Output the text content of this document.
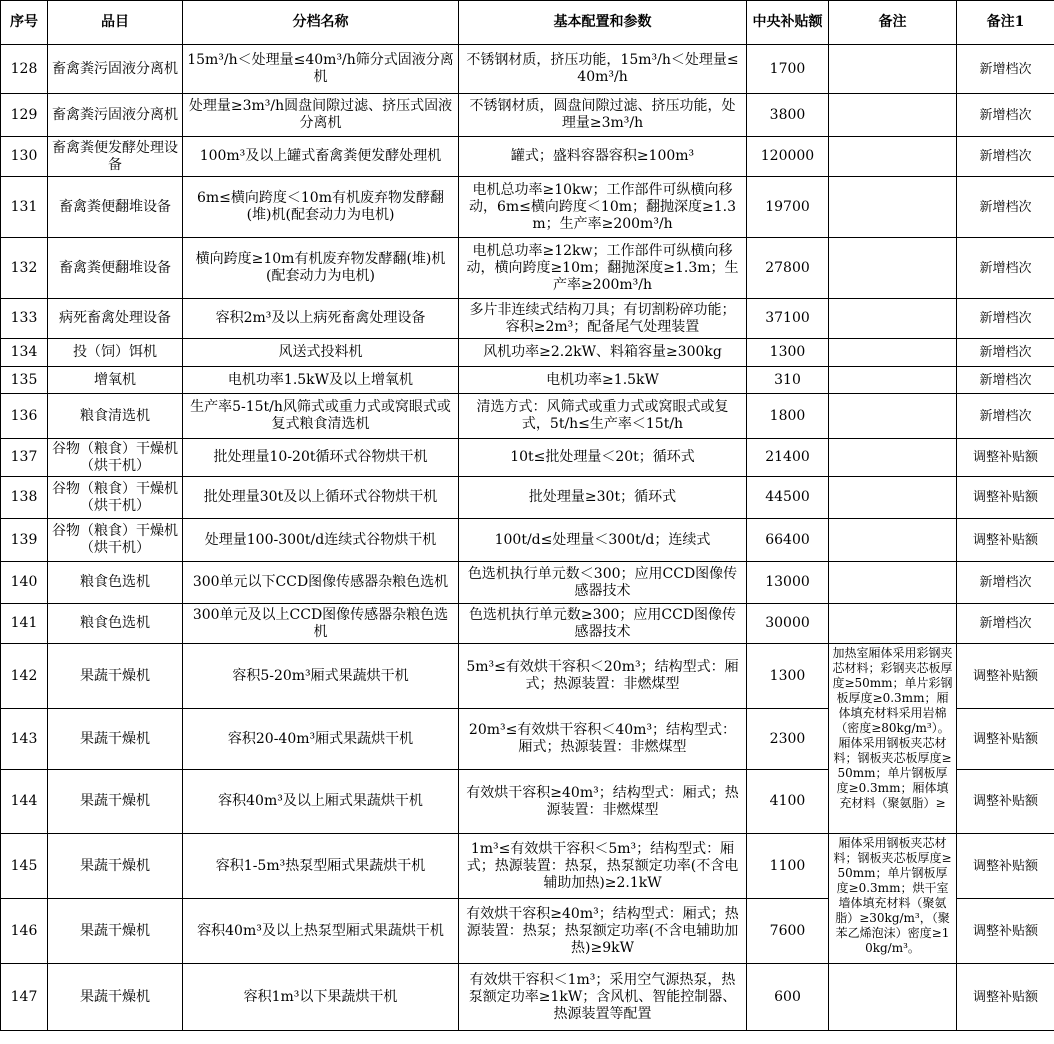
序号	品目	分档名称	基本配置和参数	中央补贴额	备注	备注1
128	畜禽粪污固液分离机	15m³/h＜处理量≤40m³/h筛分式固液分离机	不锈钢材质，挤压功能，15m³/h＜处理量≤40m³/h	1700		新增档次
129	畜禽粪污固液分离机	处理量≥3m³/h圆盘间隙过滤、挤压式固液分离机	不锈钢材质，圆盘间隙过滤、挤压功能，处理量≥3m³/h	3800		新增档次
130	畜禽粪便发酵处理设备	100m³及以上罐式畜禽粪便发酵处理机	罐式；盛料容器容积≥100m³	120000		新增档次
131	畜禽粪便翻堆设备	6m≤横向跨度＜10m有机废弃物发酵翻(堆)机(配套动力为电机)	电机总功率≥10kw；工作部件可纵横向移动，6m≤横向跨度＜10m；翻抛深度≥1.3m；生产率≥200m³/h	19700		新增档次
132	畜禽粪便翻堆设备	横向跨度≥10m有机废弃物发酵翻(堆)机(配套动力为电机)	电机总功率≥12kw；工作部件可纵横向移动，横向跨度≥10m；翻抛深度≥1.3m；生产率≥200m³/h	27800		新增档次
133	病死畜禽处理设备	容积2m³及以上病死畜禽处理设备	多片非连续式结构刀具；有切割粉碎功能；容积≥2m³；配备尾气处理装置	37100		新增档次
134	投（饲）饵机	风送式投料机	风机功率≥2.2kW、料箱容量≥300kg	1300		新增档次
135	增氧机	电机功率1.5kW及以上增氧机	电机功率≥1.5kW	310		新增档次
136	粮食清选机	生产率5-15t/h风筛式或重力式或窝眼式或复式粮食清选机	清选方式：风筛式或重力式或窝眼式或复式，5t/h≤生产率＜15t/h	1800		新增档次
137	谷物（粮食）干燥机（烘干机）	批处理量10-20t循环式谷物烘干机	10t≤批处理量＜20t；循环式	21400		调整补贴额
138	谷物（粮食）干燥机（烘干机）	批处理量30t及以上循环式谷物烘干机	批处理量≥30t；循环式	44500		调整补贴额
139	谷物（粮食）干燥机（烘干机）	处理量100-300t/d连续式谷物烘干机	100t/d≤处理量＜300t/d；连续式	66400		调整补贴额
140	粮食色选机	300单元以下CCD图像传感器杂粮色选机	色选机执行单元数＜300；应用CCD图像传感器技术	13000		新增档次
141	粮食色选机	300单元及以上CCD图像传感器杂粮色选机	色选机执行单元数≥300；应用CCD图像传感器技术	30000		新增档次
142	果蔬干燥机	容积5-20m³厢式果蔬烘干机	5m³≤有效烘干容积＜20m³；结构型式：厢式；热源装置：非燃煤型	1300	加热室厢体采用彩钢夹芯材料；彩钢夹芯板厚度≥50mm；单片彩钢板厚度≥0.3mm；厢体填充材料采用岩棉（密度≥80kg/m³）。厢体采用钢板夹芯材料；钢板夹芯板厚度≥50mm；单片钢板厚度≥0.3mm；厢体填充材料（聚氨脂）≥	调整补贴额
143	果蔬干燥机	容积20-40m³厢式果蔬烘干机	20m³≤有效烘干容积＜40m³；结构型式：厢式；热源装置：非燃煤型	2300		调整补贴额
144	果蔬干燥机	容积40m³及以上厢式果蔬烘干机	有效烘干容积≥40m³；结构型式：厢式；热源装置：非燃煤型	4100		调整补贴额
145	果蔬干燥机	容积1-5m³热泵型厢式果蔬烘干机	1m³≤有效烘干容积＜5m³；结构型式：厢式；热源装置：热泵，热泵额定功率(不含电辅助加热)≥2.1kW	1100	厢体采用钢板夹芯材料；钢板夹芯板厚度≥50mm；单片钢板厚度≥0.3mm；烘干室墙体填充材料（聚氨脂）≥30kg/m³，（聚苯乙烯泡沫）密度≥10kg/m³。	调整补贴额
146	果蔬干燥机	容积40m³及以上热泵型厢式果蔬烘干机	有效烘干容积≥40m³；结构型式：厢式；热源装置：热泵；热泵额定功率(不含电辅助加热)≥9kW	7600		调整补贴额
147	果蔬干燥机	容积1m³以下果蔬烘干机	有效烘干容积＜1m³；采用空气源热泵，热泵额定功率≥1kW；含风机、智能控制器、热源装置等配置	600		调整补贴额
